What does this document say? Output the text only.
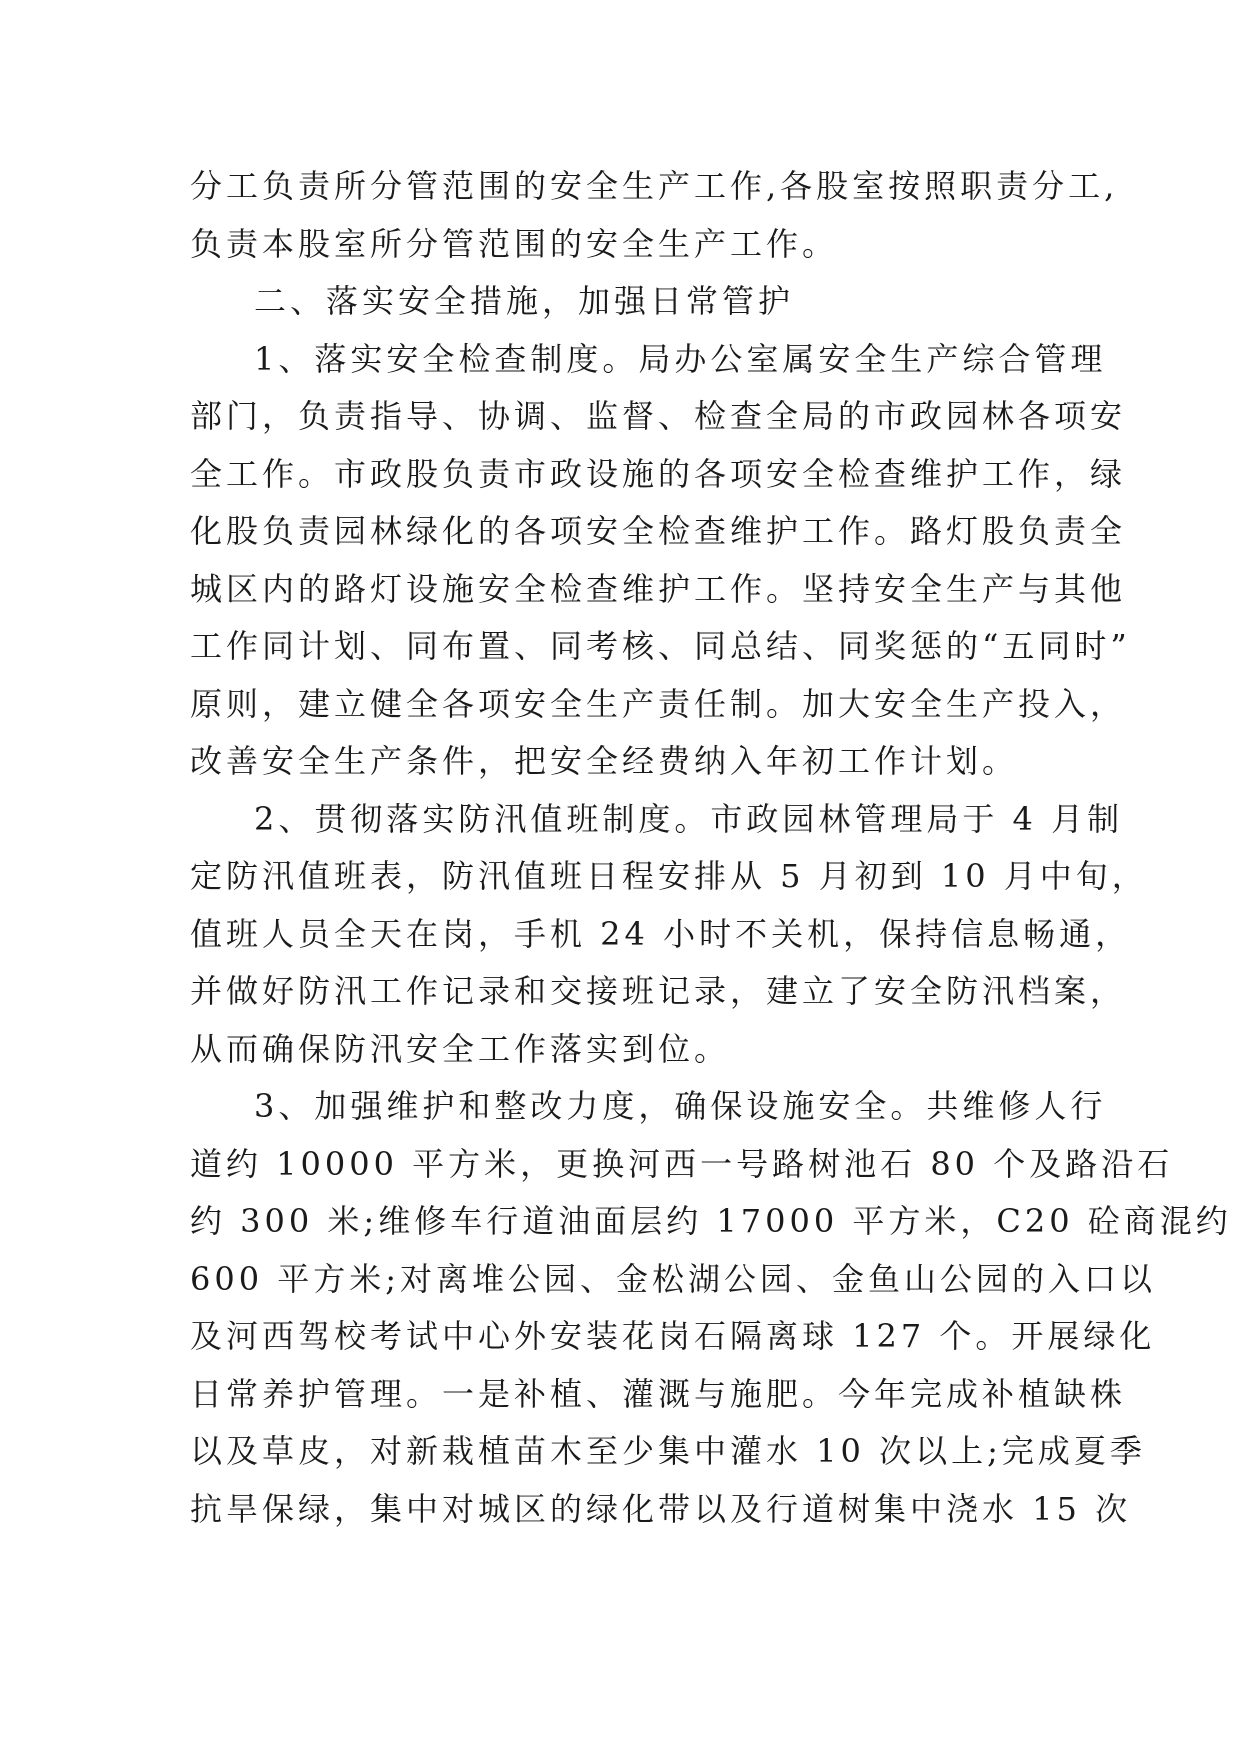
分工负责所分管范围的安全生产工作,各股室按照职责分工,
负责本股室所分管范围的安全生产工作。
二、落实安全措施，加强日常管护
1、落实安全检查制度。局办公室属安全生产综合管理
部门，负责指导、协调、监督、检查全局的市政园林各项安
全工作。市政股负责市政设施的各项安全检查维护工作，绿
化股负责园林绿化的各项安全检查维护工作。路灯股负责全
城区内的路灯设施安全检查维护工作。坚持安全生产与其他
工作同计划、同布置、同考核、同总结、同奖惩的“五同时”
原则，建立健全各项安全生产责任制。加大安全生产投入，
改善安全生产条件，把安全经费纳入年初工作计划。
2、贯彻落实防汛值班制度。市政园林管理局于 4 月制
定防汛值班表，防汛值班日程安排从 5 月初到 10 月中旬，
值班人员全天在岗，手机 24 小时不关机，保持信息畅通，
并做好防汛工作记录和交接班记录，建立了安全防汛档案，
从而确保防汛安全工作落实到位。
3、加强维护和整改力度，确保设施安全。共维修人行
道约 10000 平方米，更换河西一号路树池石 80 个及路沿石
约 300 米;维修车行道油面层约 17000 平方米，C20 砼商混约
600 平方米;对离堆公园、金松湖公园、金鱼山公园的入口以
及河西驾校考试中心外安装花岗石隔离球 127 个。开展绿化
日常养护管理。一是补植、灌溉与施肥。今年完成补植缺株
以及草皮，对新栽植苗木至少集中灌水 10 次以上;完成夏季
抗旱保绿，集中对城区的绿化带以及行道树集中浇水 15 次
